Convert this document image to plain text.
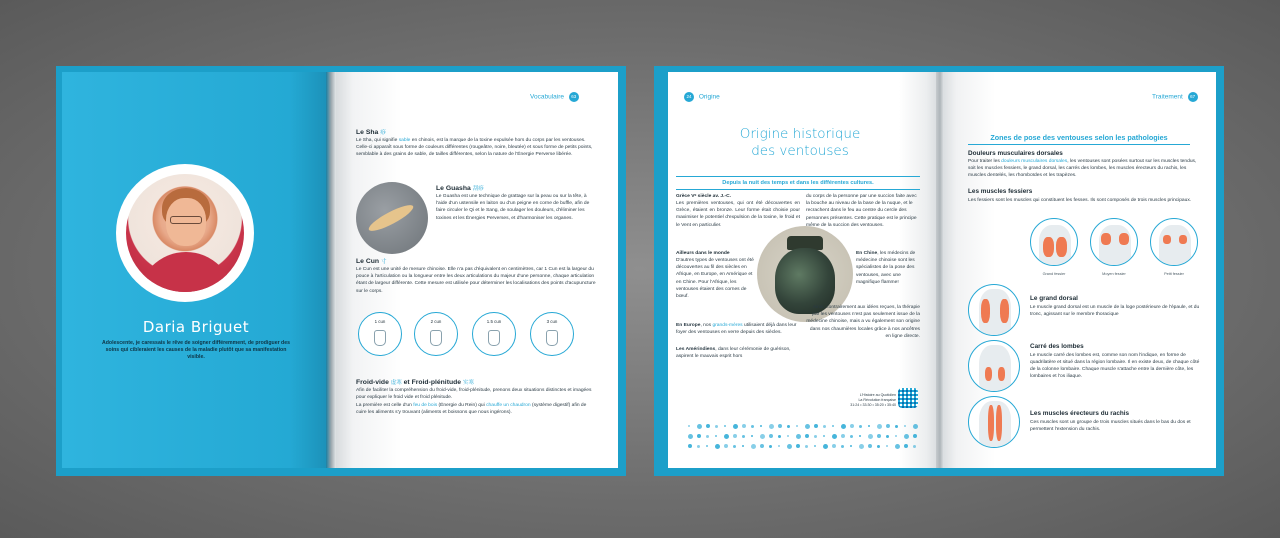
Daria Briguet
Adolescente, je caressais le rêve de soigner différemment, de prodiguer des soins qui cibleraient les causes de la maladie plutôt que sa manifestation visible.
Vocabulaire 63
Le Sha 痧
Le Sha, qui signifie sable en chinois, est la marque de la toxine expulsée hors du corps par les ventouses. Celle-ci apparaît sous forme de couleurs différentes (rougeâtre, noire, bleutée) et sous forme de petits points, semblable à des grains de sable, de tailles différentes, selon la nature de l'Énergie Perverse libérée.
Le Guasha 刮痧
Le Guasha est une technique de grattage sur la peau ou sur la tête, à l'aide d'un ustensile en laiton ou d'un peigne en corne de buffle, afin de faire circuler le Qi et le Sang, de soulager les douleurs, d'éliminer les toxines et les Énergies Perverses, et d'harmoniser les organes.
Le Cun 寸
Le Cun est une unité de mesure chinoise. Elle n'a pas d'équivalent en centimètres, car 1 Cun est la largeur du pouce à l'articulation ou la longueur entre les deux articulations du majeur d'une personne, chaque articulation étant de largeur différente. Cette mesure est utilisée pour déterminer les localisations des points d'acupuncture sur le corps.
1 cun	2 cun	1.5 cun	3 cun
Froid-vide 虚寒 et Froid-plénitude 实寒
Afin de faciliter la compréhension du froid-vide, froid-plénitude, prenons deux situations distinctes et imagées pour expliquer le froid vide et froid plénitude.
La première est celle d'un feu de bois (Énergie du Rein) qui chauffe un chaudron (système digestif) afin de cuire les aliments s'y trouvant (aliments et boissons que nous ingérons).
24 Origine
Origine historique
des ventouses
Depuis la nuit des temps et dans les différentes cultures.
Grèce Vᵉ siècle av. J.-C.
Les premières ventouses, qui ont été découvertes en Grèce, étaient en bronze. Leur forme était choisie pour maximiser le potentiel d'expulsion de la toxine, le froid et le Vent en particulier.
Ailleurs dans le monde
D'autres types de ventouses ont été découvertes au fil des siècles en Afrique, en Europe, en Amérique et en Chine. Pour l'Afrique, les ventouses étaient des cornes de bœuf.
En Europe, nos grands-mères utilisaient déjà dans leur foyer des ventouses en verre depuis des siècles.
Les Amérindiens, dans leur cérémonie de guérison, aspirent le mauvais esprit hors
du corps de la personne par une succion faite avec la bouche au niveau de la base de la nuque, et le recrachent dans le feu au centre du cercle des personnes présentes. Cette pratique est le principe même de la succion des ventouses.
En Chine, les médecins de médecine chinoise sont les spécialistes de la pose des ventouses, avec une magnifique flamme!
Ainsi, contrairement aux idées reçues, la thérapie par les ventouses n'est pas seulement issue de la médecine chinoise, mais a vu également son origine dans nos chaumières locales grâce à nos ancêtres en ligne directe.
L'Histoire au Quotidien
La Révolution française
31:24 • 33:30 • 35:20 • 35:40
Traitement 67
Zones de pose des ventouses selon les pathologies
Douleurs musculaires dorsales
Pour traiter les douleurs musculaires dorsales, les ventouses sont posées surtout sur les muscles tendus, soit les muscles fessiers, le grand dorsal, les carrés des lombes, les muscles érecteurs du rachis, les muscles dentelés, les rhomboïdes et les trapèzes.
Les muscles fessiers
Les fessiers sont les muscles qui constituent les fesses. Ils sont composés de trois muscles principaux.
Grand fessier	Moyen fessier	Petit fessier
Le grand dorsal
Le muscle grand dorsal est un muscle de la loge postérieure de l'épaule, et du tronc, agissant sur le membre thoracique
Carré des lombes
Le muscle carré des lombes est, comme son nom l'indique, en forme de quadrilatère et situé dans la région lombaire. Il en existe deux, de chaque côté de la colonne lombaire. Chaque muscle s'attache entre la dernière côte, les lombaires et l'os iliaque.
Les muscles érecteurs du rachis
Ces muscles sont un groupe de trois muscles situés dans le bas du dos et permettent l'extension du rachis.
